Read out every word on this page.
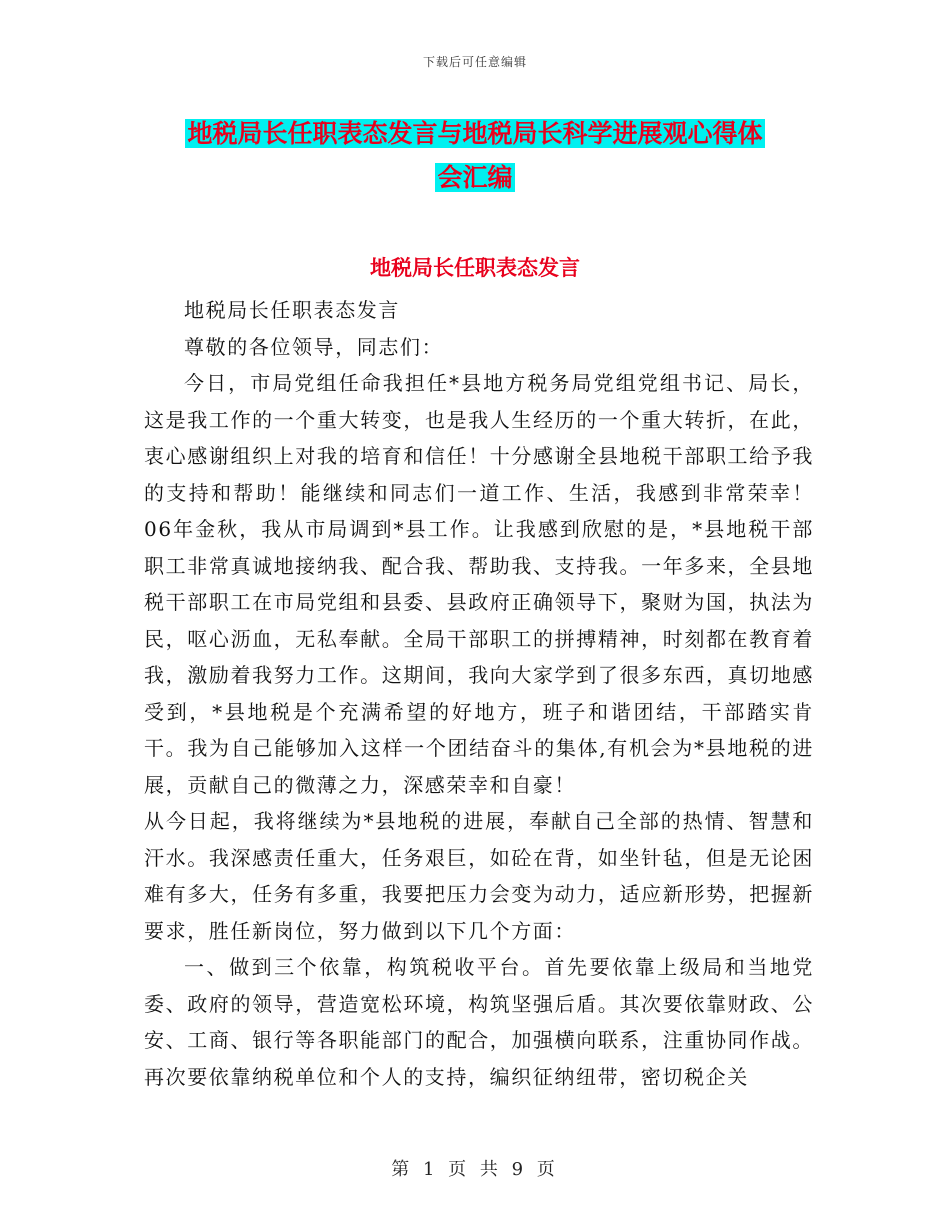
下载后可任意编辑
地税局长任职表态发言与地税局长科学进展观心得体
会汇编
地税局长任职表态发言

地税局长任职表态发言

尊敬的各位领导，同志们：

今日，市局党组任命我担任*县地方税务局党组党组书记、局长，这是我工作的一个重大转变，也是我人生经历的一个重大转折，在此，衷心感谢组织上对我的培育和信任！十分感谢全县地税干部职工给予我的支持和帮助！能继续和同志们一道工作、生活，我感到非常荣幸！06年金秋，我从市局调到*县工作。让我感到欣慰的是，*县地税干部职工非常真诚地接纳我、配合我、帮助我、支持我。一年多来，全县地税干部职工在市局党组和县委、县政府正确领导下，聚财为国，执法为民，呕心沥血，无私奉献。全局干部职工的拼搏精神，时刻都在教育着我，激励着我努力工作。这期间，我向大家学到了很多东西，真切地感受到，*县地税是个充满希望的好地方，班子和谐团结，干部踏实肯干。我为自己能够加入这样一个团结奋斗的集体,有机会为*县地税的进展，贡献自己的微薄之力，深感荣幸和自豪！

从今日起，我将继续为*县地税的进展，奉献自己全部的热情、智慧和汗水。我深感责任重大，任务艰巨，如砼在背，如坐针毡，但是无论困难有多大，任务有多重，我要把压力会变为动力，适应新形势，把握新要求，胜任新岗位，努力做到以下几个方面：

一、做到三个依靠，构筑税收平台。首先要依靠上级局和当地党委、政府的领导，营造宽松环境，构筑坚强后盾。其次要依靠财政、公安、工商、银行等各职能部门的配合，加强横向联系，注重协同作战。再次要依靠纳税单位和个人的支持，编织征纳纽带，密切税企关

第 1 页 共 9 页
